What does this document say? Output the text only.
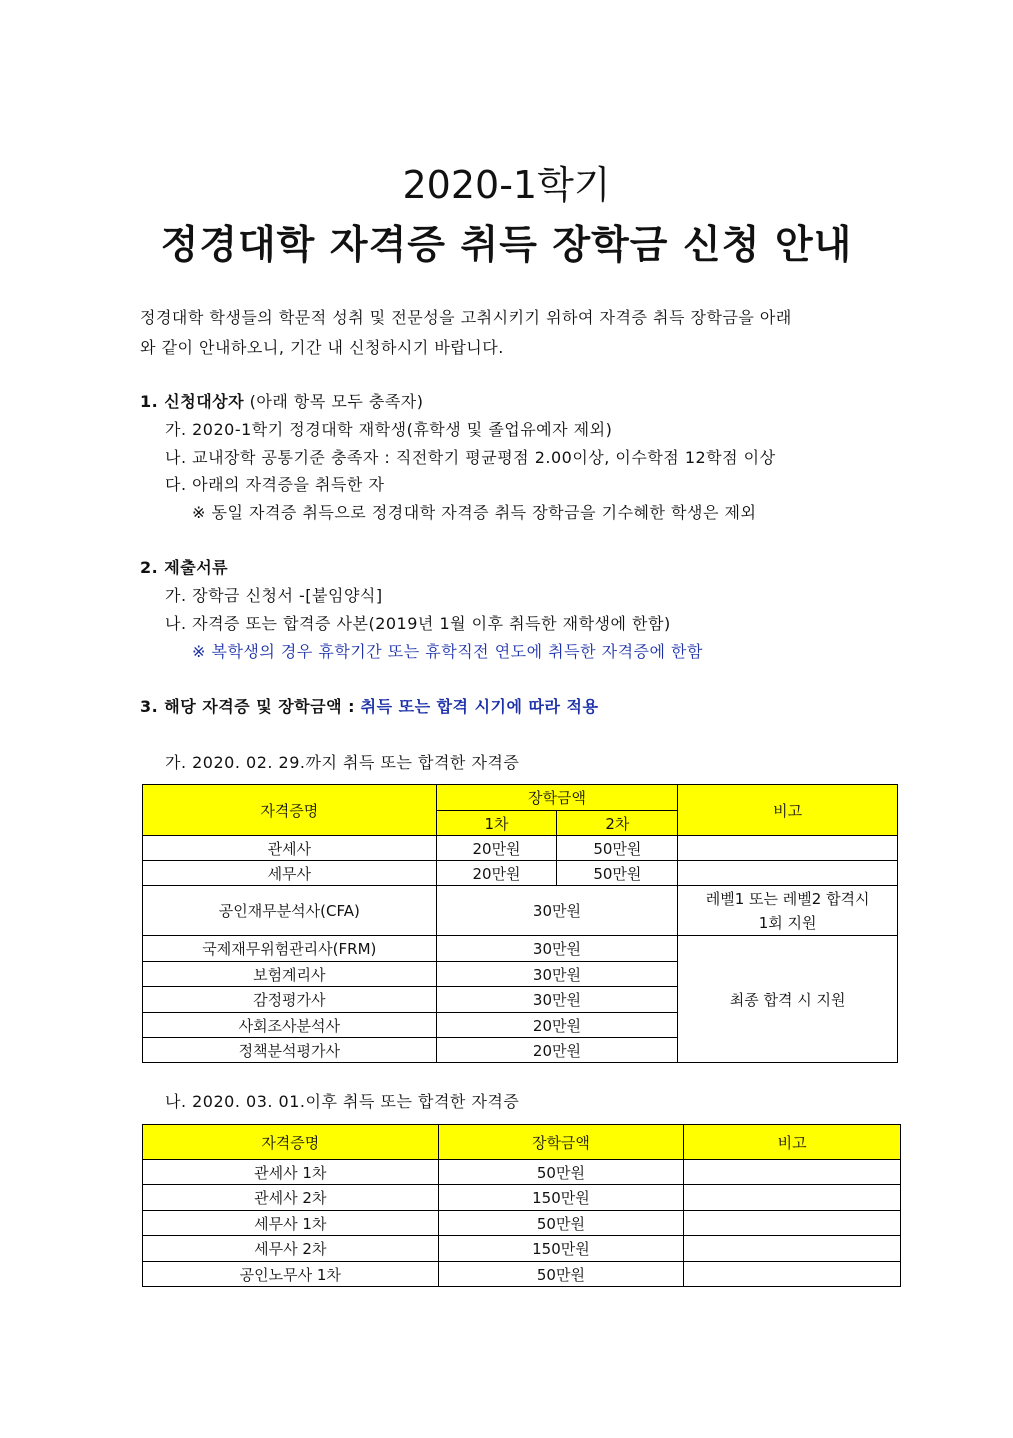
2020-1학기
정경대학 자격증 취득 장학금 신청 안내
정경대학 학생들의 학문적 성취 및 전문성을 고취시키기 위하여 자격증 취득 장학금을 아래
와 같이 안내하오니, 기간 내 신청하시기 바랍니다.
1. 신청대상자 (아래 항목 모두 충족자)
가. 2020-1학기 정경대학 재학생(휴학생 및 졸업유예자 제외)
나. 교내장학 공통기준 충족자 : 직전학기 평균평점 2.00이상, 이수학점 12학점 이상
다. 아래의 자격증을 취득한 자
※ 동일 자격증 취득으로 정경대학 자격증 취득 장학금을 기수혜한 학생은 제외
2. 제출서류
가. 장학금 신청서 -[붙임양식]
나. 자격증 또는 합격증 사본(2019년 1월 이후 취득한 재학생에 한함)
※ 복학생의 경우 휴학기간 또는 휴학직전 연도에 취득한 자격증에 한함
3. 해당 자격증 및 장학금액 : 취득 또는 합격 시기에 따라 적용
가. 2020. 02. 29.까지 취득 또는 합격한 자격증
자격증명	장학금액		비고
	1차	2차	
관세사	20만원	50만원	
세무사	20만원	50만원	
공인재무분석사(CFA)	30만원		레벨1 또는 레벨2 합격시
1회 지원

국제재무위험관리사(FRM)	30만원		최종 합격 시 지원
보험계리사	30만원		
감정평가사	30만원		
사회조사분석사	20만원		
정책분석평가사	20만원		
나. 2020. 03. 01.이후 취득 또는 합격한 자격증
자격증명	장학금액	비고
관세사 1차	50만원	
관세사 2차	150만원	
세무사 1차	50만원	
세무사 2차	150만원	
공인노무사 1차	50만원	
